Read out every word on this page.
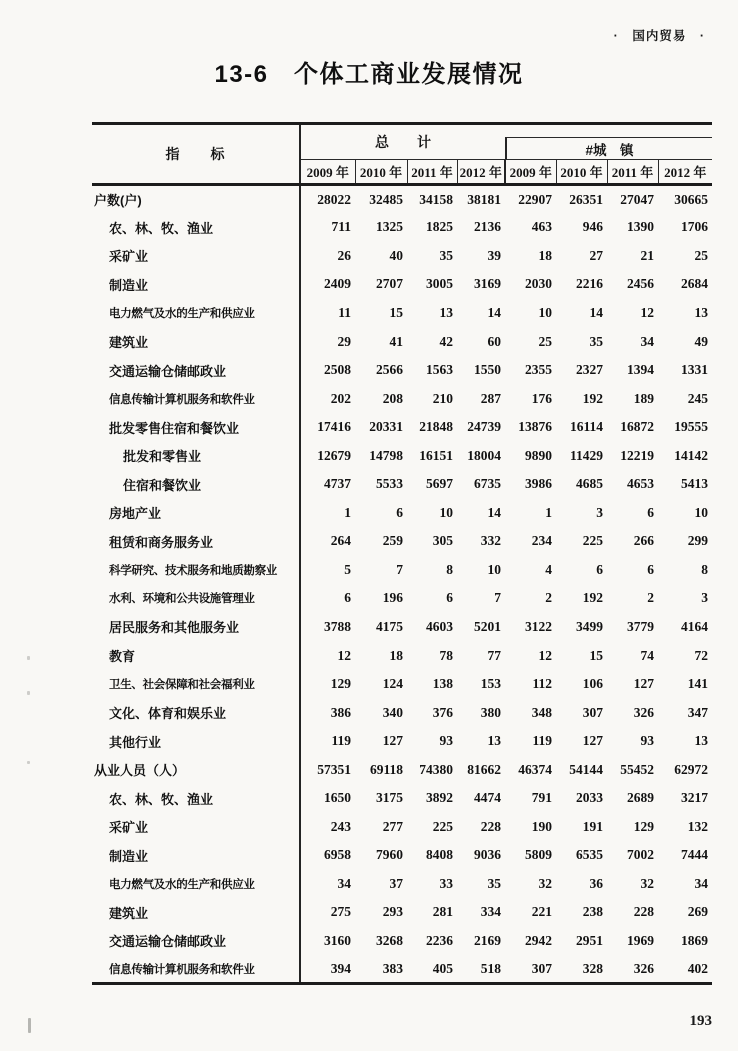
·　国内贸易　·
13-6　个体工商业发展情况
指　　标	总　　计				#城　镇			

	2009 年	2010 年	2011 年	2012 年	2009 年	2010 年	2011 年	2012 年
户数(户)	28022	32485	34158	38181	22907	26351	27047	30665
农、林、牧、渔业	711	1325	1825	2136	463	946	1390	1706
采矿业	26	40	35	39	18	27	21	25
制造业	2409	2707	3005	3169	2030	2216	2456	2684
电力燃气及水的生产和供应业	11	15	13	14	10	14	12	13
建筑业	29	41	42	60	25	35	34	49
交通运输仓储邮政业	2508	2566	1563	1550	2355	2327	1394	1331
信息传输计算机服务和软件业	202	208	210	287	176	192	189	245
批发零售住宿和餐饮业	17416	20331	21848	24739	13876	16114	16872	19555
批发和零售业	12679	14798	16151	18004	9890	11429	12219	14142
住宿和餐饮业	4737	5533	5697	6735	3986	4685	4653	5413
房地产业	1	6	10	14	1	3	6	10
租赁和商务服务业	264	259	305	332	234	225	266	299
科学研究、技术服务和地质勘察业	5	7	8	10	4	6	6	8
水利、环境和公共设施管理业	6	196	6	7	2	192	2	3
居民服务和其他服务业	3788	4175	4603	5201	3122	3499	3779	4164
教育	12	18	78	77	12	15	74	72
卫生、社会保障和社会福利业	129	124	138	153	112	106	127	141
文化、体育和娱乐业	386	340	376	380	348	307	326	347
其他行业	119	127	93	13	119	127	93	13
从业人员（人）	57351	69118	74380	81662	46374	54144	55452	62972
农、林、牧、渔业	1650	3175	3892	4474	791	2033	2689	3217
采矿业	243	277	225	228	190	191	129	132
制造业	6958	7960	8408	9036	5809	6535	7002	7444
电力燃气及水的生产和供应业	34	37	33	35	32	36	32	34
建筑业	275	293	281	334	221	238	228	269
交通运输仓储邮政业	3160	3268	2236	2169	2942	2951	1969	1869
信息传输计算机服务和软件业	394	383	405	518	307	328	326	402
193
